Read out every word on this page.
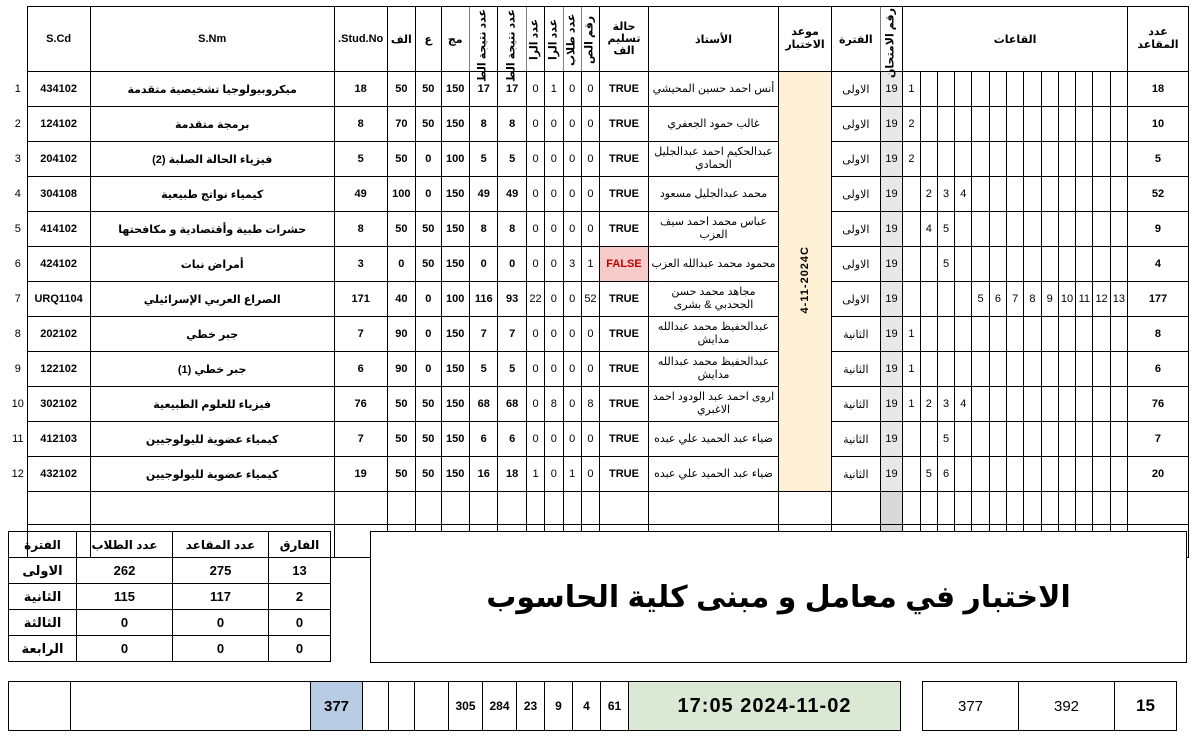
عدد المقاعد	القاعات													رقم الامتحان	الفترة	موعد الاختبار	الأستاذ	حالة تسليم الف	رقم الص	عدد طلاب	عدد الرا	عدد الرا	عدد نتيجة الط	عدد نتيجة الط	مج	ع	الف	Stud.No.	S.Nm	S.Cd	
18													1	19	الاولى	4-11-2024C	أنس احمد حسين المحيشي	TRUE	0	0	1	0	17	17	150	50	50	18	ميكروبيولوجيا تشخيصية متقدمة	434102	1
10													2	19	الاولى		غالب حمود الجعفري	TRUE	0	0	0	0	8	8	150	50	70	8	برمجة متقدمة	124102	2
5													2	19	الاولى		عبدالحكيم احمد عبدالجليل الحمادي	TRUE	0	0	0	0	5	5	100	0	50	5	فيزياء الحالة الصلبة (2)	204102	3
52										4	3	2		19	الاولى		محمد عبدالجليل مسعود	TRUE	0	0	0	0	49	49	150	0	100	49	كيمياء نواتج طبيعية	304108	4
9											5	4		19	الاولى		عباس محمد احمد سيف العزب	TRUE	0	0	0	0	8	8	150	50	50	8	حشرات طبية وأقتصادية و مكافحتها	414102	5
4											5			19	الاولى		محمود محمد عبدالله العزب	FALSE	1	3	0	0	0	0	150	50	0	3	أمراض نبات	424102	6
177	13	12	11	10	9	8	7	6	5					19	الاولى		مجاهد محمد حسن الجحدبي & بشرى	TRUE	52	0	0	22	93	116	100	0	40	171	الصراع العربي الإسرائيلي	URQ1104	7
8													1	19	الثانية		عبدالحفيظ محمد عبدالله مدايش	TRUE	0	0	0	0	7	7	150	0	90	7	جبر خطي	202102	8
6													1	19	الثانية		عبدالحفيظ محمد عبدالله مدايش	TRUE	0	0	0	0	5	5	150	0	90	6	جبر خطي (1)	122102	9
76										4	3	2	1	19	الثانية		اروى احمد عبد الودود احمد الاغبري	TRUE	8	0	8	0	68	68	150	50	50	76	فيزياء للعلوم الطبيعية	302102	10
7											5			19	الثانية		ضياء عبد الحميد علي عبده	TRUE	0	0	0	0	6	6	150	50	50	7	كيمياء عضوية لليولوجيين	412103	11
20											6	5		19	الثانية		ضياء عبد الحميد علي عبده	TRUE	0	1	0	1	18	16	150	50	50	19	كيمياء عضوية لليولوجيين	432102	12

الفارق	عدد المقاعد	عدد الطلاب	الفترة
13	275	262	الاولى
2	117	115	الثانية
0	0	0	الثالثة
0	0	0	الرابعة
الاختبار في معامل و مبنى كلية الحاسوب
15	392	377		2024-11-02 17:05	61	4	9	23	284	305				377		
